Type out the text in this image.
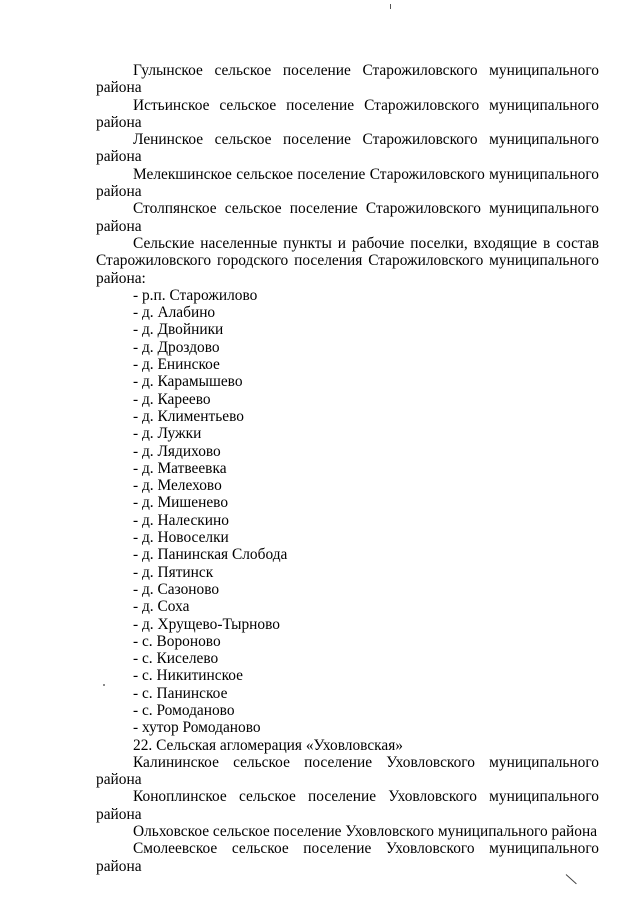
Гулынское сельское поселение Старожиловского муниципального района

Истьинское сельское поселение Старожиловского муниципального района

Ленинское сельское поселение Старожиловского муниципального района

Мелекшинское сельское поселение Старожиловского муниципального района

Столпянское сельское поселение Старожиловского муниципального района

Сельские населенные пункты и рабочие поселки, входящие в состав Старожиловского городского поселения Старожиловского муниципального района:

- р.п. Старожилово

- д. Алабино

- д. Двойники

- д. Дроздово

- д. Енинское

- д. Карамышево

- д. Кареево

- д. Климентьево

- д. Лужки

- д. Лядихово

- д. Матвеевка

- д. Мелехово

- д. Мишенево

- д. Налескино

- д. Новоселки

- д. Панинская Слобода

- д. Пятинск

- д. Сазоново

- д. Соха

- д. Хрущево-Тырново

- с. Вороново

- с. Киселево

- с. Никитинское

- с. Панинское

- с. Ромоданово

- хутор Ромоданово

22. Сельская агломерация «Уховловская»

Калининское сельское поселение Уховловского муниципального района

Коноплинское сельское поселение Уховловского муниципального района

Ольховское сельское поселение Уховловского муниципального района

Смолеевское сельское поселение Уховловского муниципального района
